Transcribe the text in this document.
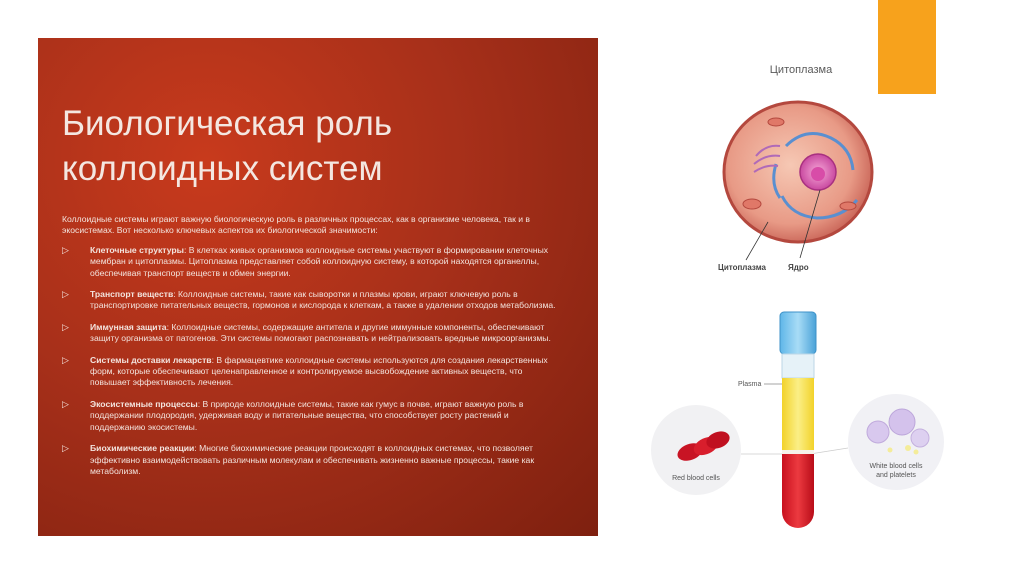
Биологическая роль
коллоидных систем

Коллоидные системы играют важную биологическую роль в различных процессах, как в организме человека, так и в экосистемах. Вот несколько ключевых аспектов их биологической значимости:

▷ Клеточные структуры: В клетках живых организмов коллоидные системы участвуют в формировании клеточных мембран и цитоплазмы. Цитоплазма представляет собой коллоидную систему, в которой находятся органеллы, обеспечивая транспорт веществ и обмен энергии.
▷ Транспорт веществ: Коллоидные системы, такие как сыворотки и плазмы крови, играют ключевую роль в транспортировке питательных веществ, гормонов и кислорода к клеткам, а также в удалении отходов метаболизма.
▷ Иммунная защита: Коллоидные системы, содержащие антитела и другие иммунные компоненты, обеспечивают защиту организма от патогенов. Эти системы помогают распознавать и нейтрализовать вредные микроорганизмы.
▷ Системы доставки лекарств: В фармацевтике коллоидные системы используются для создания лекарственных форм, которые обеспечивают целенаправленное и контролируемое высвобождение активных веществ, что повышает эффективность лечения.
▷ Экосистемные процессы: В природе коллоидные системы, такие как гумус в почве, играют важную роль в поддержании плодородия, удерживая воду и питательные вещества, что способствует росту растений и поддержанию экосистемы.
▷ Биохимические реакции: Многие биохимические реакции происходят в коллоидных системах, что позволяет эффективно взаимодействовать различным молекулам и обеспечивать жизненно важные процессы, такие как метаболизм.
Цитоплазма	Ядро
Red blood cells
White blood cells
and platelets
Plasma
Цитоплазма
